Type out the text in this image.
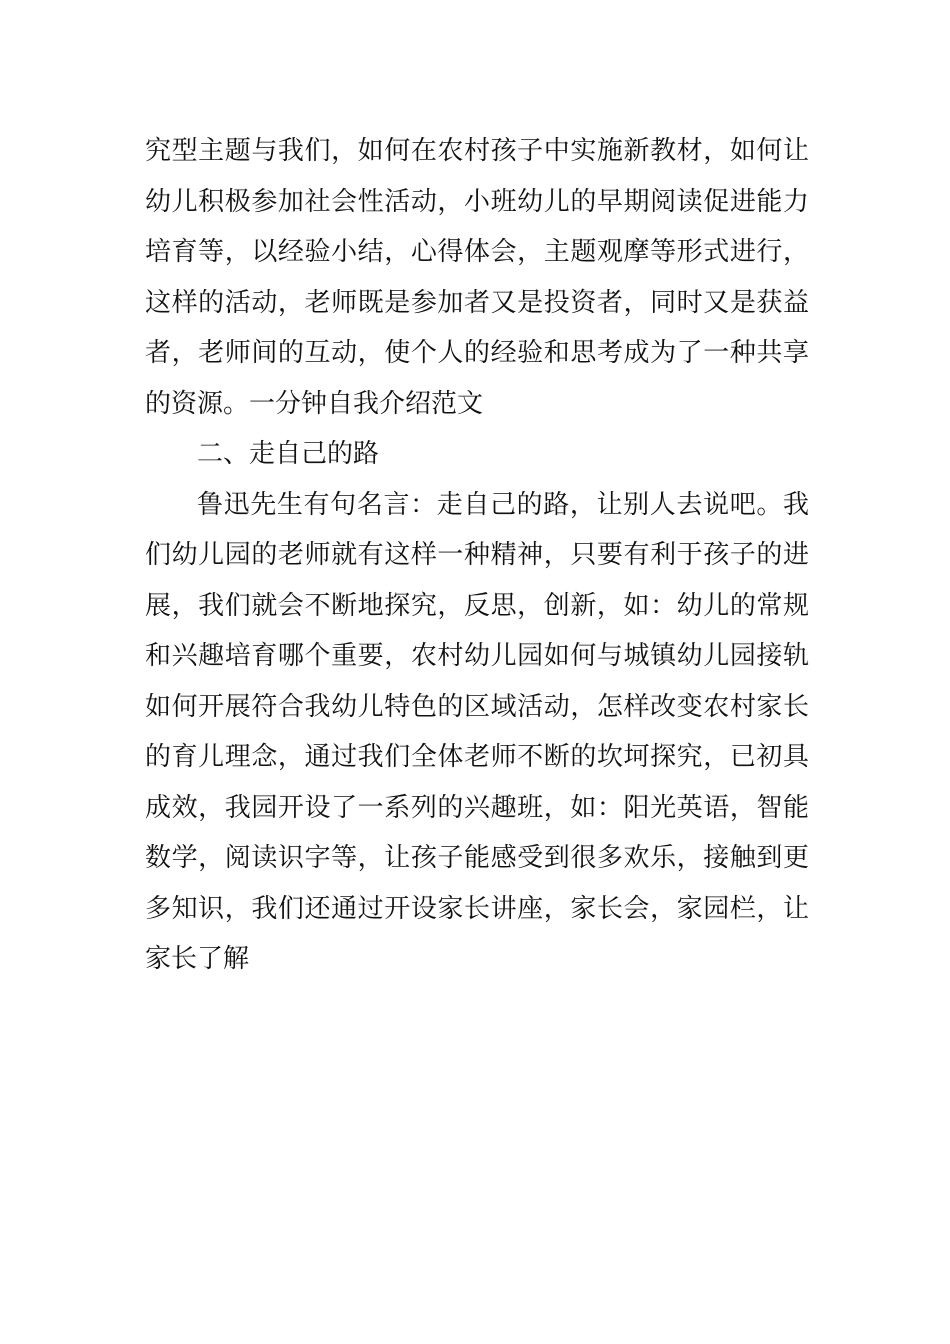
究型主题与我们，如何在农村孩子中实施新教材，如何让
幼儿积极参加社会性活动，小班幼儿的早期阅读促进能力
培育等，以经验小结，心得体会，主题观摩等形式进行，
这样的活动，老师既是参加者又是投资者，同时又是获益
者，老师间的互动，使个人的经验和思考成为了一种共享
的资源。一分钟自我介绍范文
二、走自己的路
鲁迅先生有句名言：走自己的路，让别人去说吧。我
们幼儿园的老师就有这样一种精神，只要有利于孩子的进
展，我们就会不断地探究，反思，创新，如：幼儿的常规
和兴趣培育哪个重要，农村幼儿园如何与城镇幼儿园接轨
如何开展符合我幼儿特色的区域活动，怎样改变农村家长
的育儿理念，通过我们全体老师不断的坎坷探究，已初具
成效，我园开设了一系列的兴趣班，如：阳光英语，智能
数学，阅读识字等，让孩子能感受到很多欢乐，接触到更
多知识，我们还通过开设家长讲座，家长会，家园栏，让
家长了解
